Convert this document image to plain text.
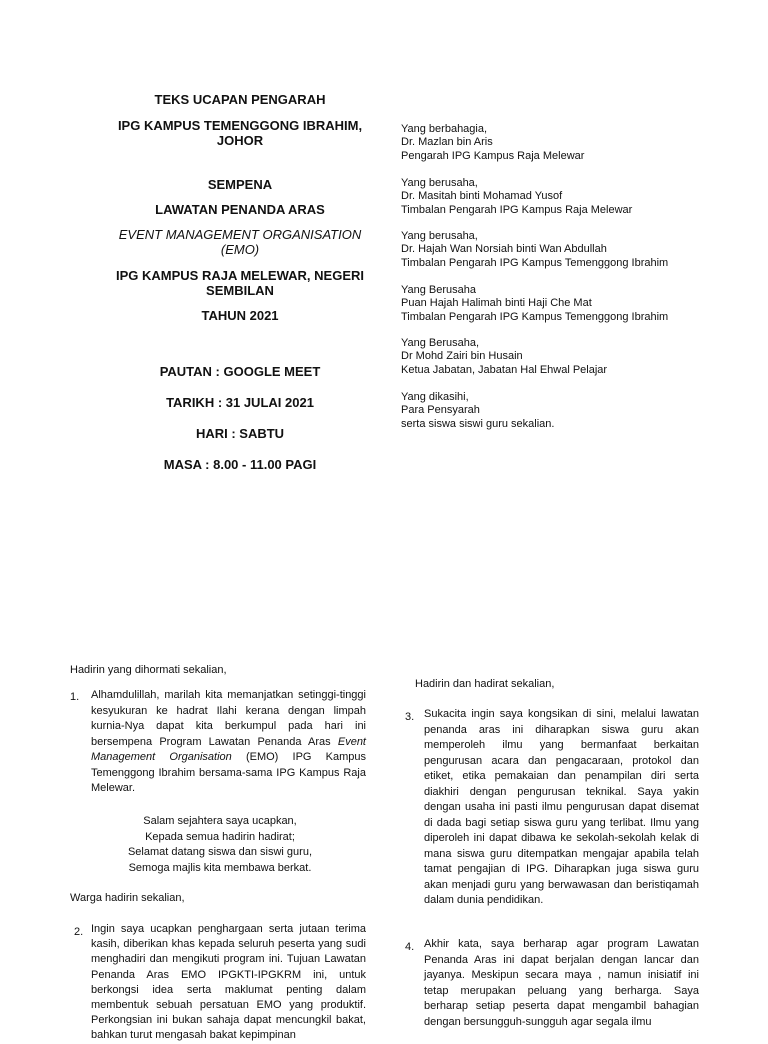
TEKS UCAPAN PENGARAH
IPG KAMPUS TEMENGGONG IBRAHIM,
JOHOR
SEMPENA
LAWATAN PENANDA ARAS
EVENT MANAGEMENT ORGANISATION
(EMO)
IPG KAMPUS RAJA MELEWAR, NEGERI
SEMBILAN
TAHUN 2021
PAUTAN : GOOGLE MEET
TARIKH : 31 JULAI 2021
HARI : SABTU
MASA : 8.00 - 11.00 PAGI
Yang berbahagia,
Dr. Mazlan bin Aris
Pengarah IPG Kampus Raja Melewar
Yang berusaha,
Dr. Masitah binti Mohamad Yusof
Timbalan Pengarah IPG Kampus Raja Melewar
Yang berusaha,
Dr. Hajah Wan Norsiah binti Wan Abdullah
Timbalan Pengarah IPG Kampus Temenggong Ibrahim
Yang Berusaha
Puan Hajah Halimah binti Haji Che Mat
Timbalan Pengarah IPG Kampus Temenggong Ibrahim
Yang Berusaha,
Dr Mohd Zairi bin Husain
Ketua Jabatan, Jabatan Hal Ehwal Pelajar
Yang dikasihi,
Para Pensyarah
serta siswa siswi guru sekalian.
Hadirin yang dihormati sekalian,
1. Alhamdulillah, marilah kita memanjatkan setinggi-tinggi kesyukuran ke hadrat Ilahi kerana dengan limpah kurnia-Nya dapat kita berkumpul pada hari ini bersempena Program Lawatan Penanda Aras Event Management Organisation (EMO) IPG Kampus Temenggong Ibrahim bersama-sama IPG Kampus Raja Melewar.
Salam sejahtera saya ucapkan,
Kepada semua hadirin hadirat;
Selamat datang siswa dan siswi guru,
Semoga majlis kita membawa berkat.
Warga hadirin sekalian,
2. Ingin saya ucapkan penghargaan serta jutaan terima kasih, diberikan khas kepada seluruh peserta yang sudi menghadiri dan mengikuti program ini. Tujuan Lawatan Penanda Aras EMO IPGKTI-IPGKRM ini, untuk berkongsi idea serta maklumat penting dalam membentuk sebuah persatuan EMO yang produktif. Perkongsian ini bukan sahaja dapat mencungkil bakat, bahkan turut mengasah bakat kepimpinan
Hadirin dan hadirat sekalian,
3. Sukacita ingin saya kongsikan di sini, melalui lawatan penanda aras ini diharapkan siswa guru akan memperoleh ilmu yang bermanfaat berkaitan pengurusan acara dan pengacaraan, protokol dan etiket, etika pemakaian dan penampilan diri serta diakhiri dengan pengurusan teknikal. Saya yakin dengan usaha ini pasti ilmu pengurusan dapat disemat di dada bagi setiap siswa guru yang terlibat. Ilmu yang diperoleh ini dapat dibawa ke sekolah-sekolah kelak di mana siswa guru ditempatkan mengajar apabila telah tamat pengajian di IPG. Diharapkan juga siswa guru akan menjadi guru yang berwawasan dan beristiqamah dalam dunia pendidikan.
4. Akhir kata, saya berharap agar program Lawatan Penanda Aras ini dapat berjalan dengan lancar dan jayanya. Meskipun secara maya , namun inisiatif ini tetap merupakan peluang yang berharga. Saya berharap setiap peserta dapat mengambil bahagian dengan bersungguh-sungguh agar segala ilmu
